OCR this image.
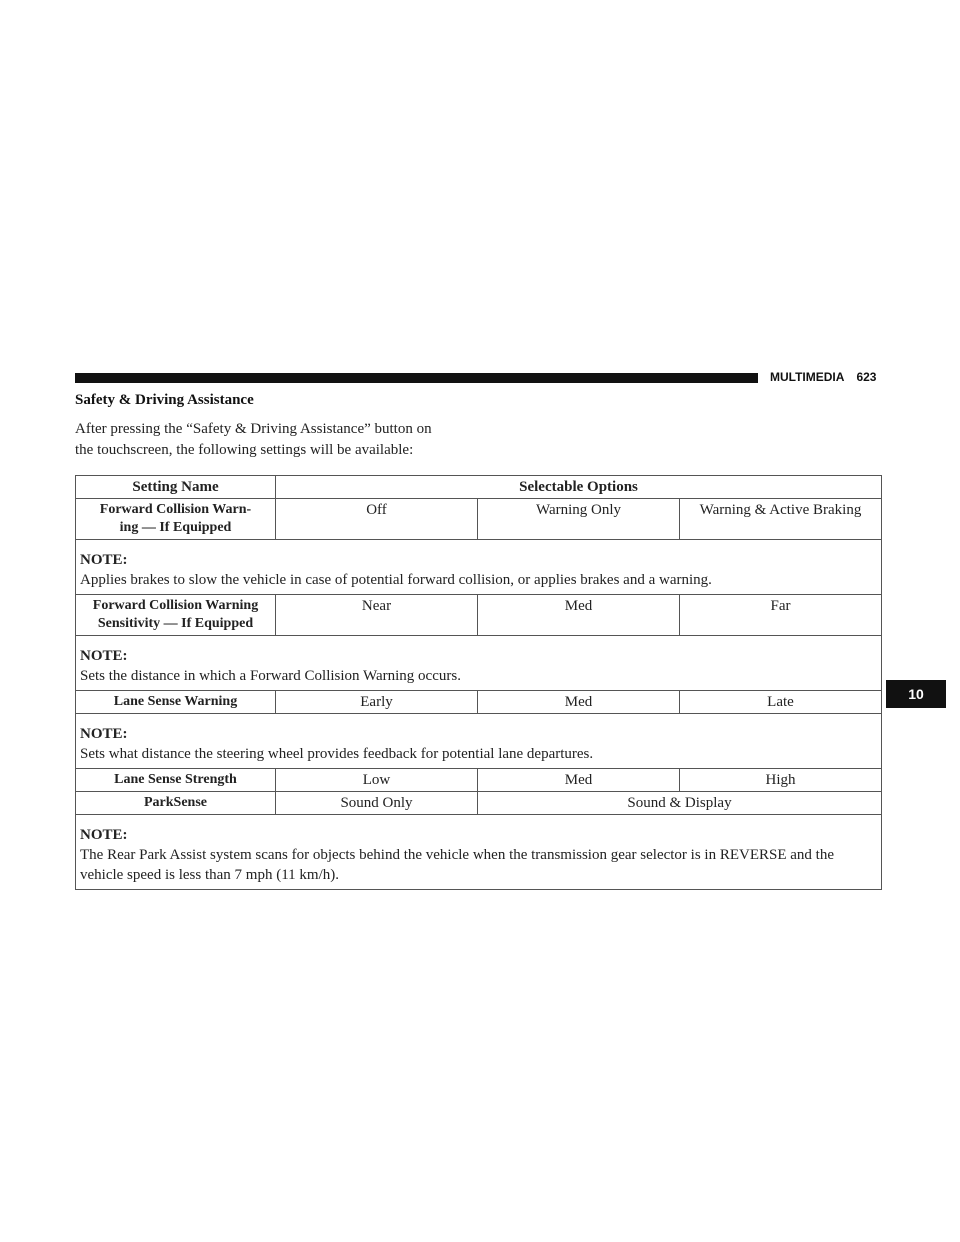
MULTIMEDIA 623
10
Safety & Driving Assistance
After pressing the “Safety & Driving Assistance” button on
the touchscreen, the following settings will be available:
Setting Name	Selectable Options		
Forward Collision Warn-
ing — If Equipped	Off	Warning Only	Warning & Active Braking

NOTE:
Applies brakes to slow the vehicle in case of potential forward collision, or applies brakes and a warning.			
Forward Collision Warning
Sensitivity — If Equipped	Near	Med	Far

NOTE:
Sets the distance in which a Forward Collision Warning occurs.			
Lane Sense Warning	Early	Med	Late

NOTE:
Sets what distance the steering wheel provides feedback for potential lane departures.			
Lane Sense Strength	Low	Med	High
ParkSense	Sound Only	Sound & Display	

NOTE:
The Rear Park Assist system scans for objects behind the vehicle when the transmission gear selector is in REVERSE and the vehicle speed is less than 7 mph (11 km/h).			
